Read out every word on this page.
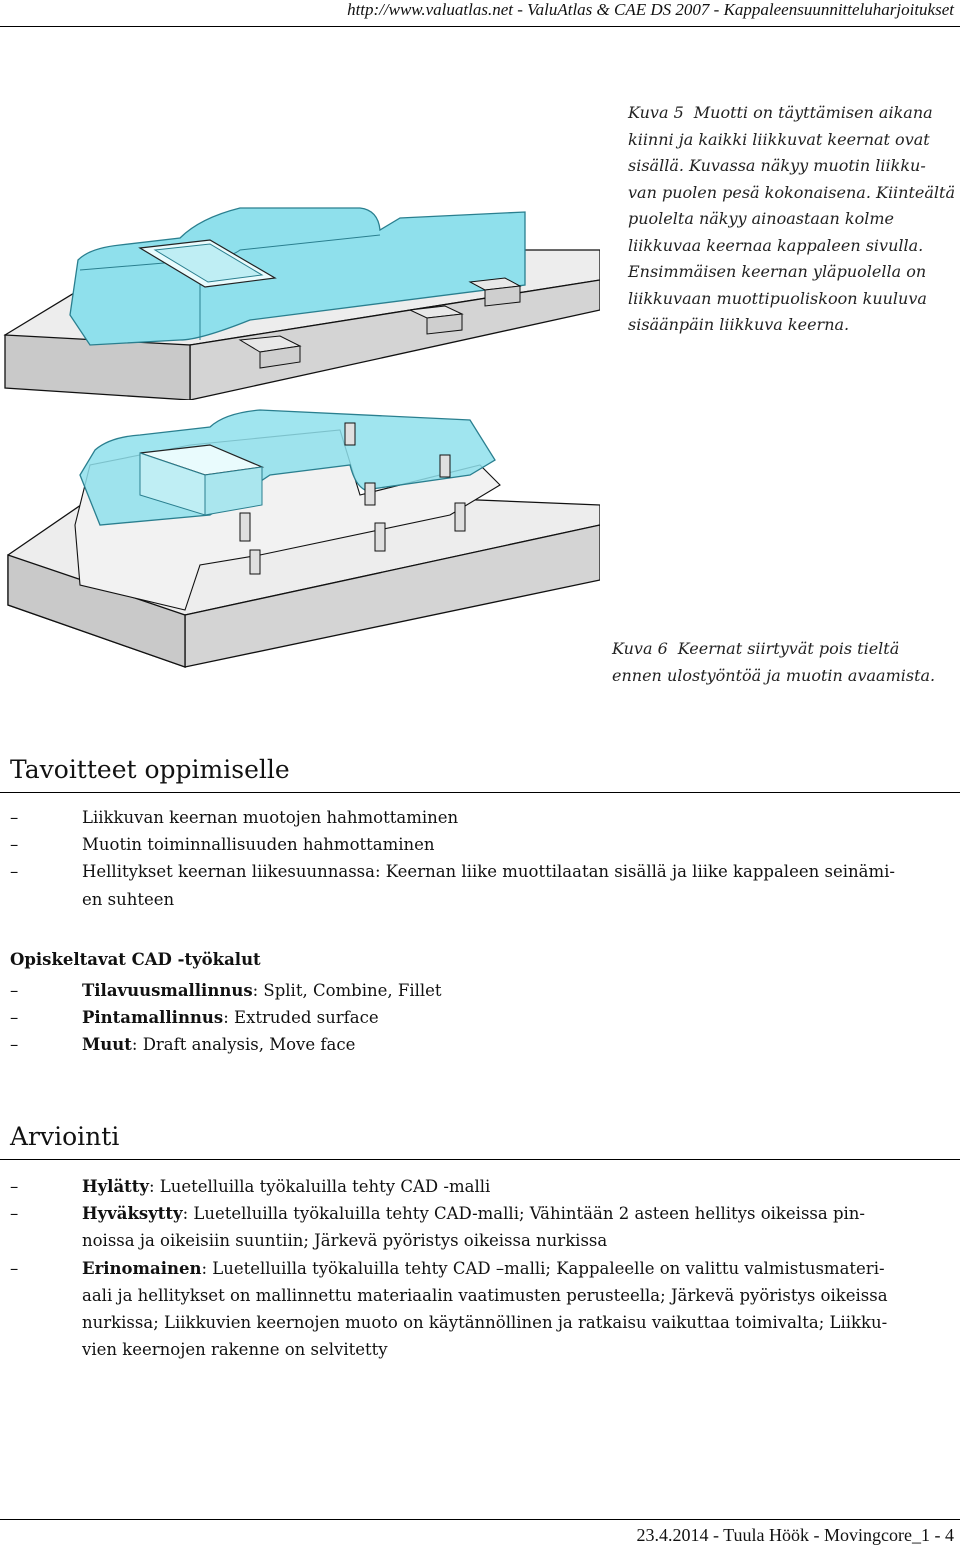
http://www.valuatlas.net - ValuAtlas & CAE DS 2007 - Kappaleensuunnitteluharjoitukset
Kuva 5 Muotti on täyttämisen aikana
kiinni ja kaikki liikkuvat keernat ovat
sisällä. Kuvassa näkyy muotin liikku-
van puolen pesä kokonaisena. Kiinteältä
puolelta näkyy ainoastaan kolme
liikkuvaa keernaa kappaleen sivulla.
Ensimmäisen keernan yläpuolella on
liikkuvaan muottipuoliskoon kuuluva
sisäänpäin liikkuva keerna.
Kuva 6 Keernat siirtyvät pois tieltä
ennen ulostyöntöä ja muotin avaamista.
Tavoitteet oppimiselle
–	Liikkuvan keernan muotojen hahmottaminen
–	Muotin toiminnallisuuden hahmottaminen
–	Hellitykset keernan liikesuunnassa: Keernan liike muottilaatan sisällä ja liike kappaleen seinämi-
en suhteen
Opiskeltavat CAD -työkalut
–	Tilavuusmallinnus: Split, Combine, Fillet
–	Pintamallinnus: Extruded surface
–	Muut: Draft analysis, Move face
Arviointi
–	Hylätty: Luetelluilla työkaluilla tehty CAD -malli
–	Hyväksytty: Luetelluilla työkaluilla tehty CAD-malli; Vähintään 2 asteen hellitys oikeissa pin-
noissa ja oikeisiin suuntiin; Järkevä pyöristys oikeissa nurkissa
–	Erinomainen: Luetelluilla työkaluilla tehty CAD –malli; Kappaleelle on valittu valmistusmateri-
aali ja hellitykset on mallinnettu materiaalin vaatimusten perusteella; Järkevä pyöristys oikeissa
nurkissa; Liikkuvien keernojen muoto on käytännöllinen ja ratkaisu vaikuttaa toimivalta; Liikku-
vien keernojen rakenne on selvitetty
23.4.2014 - Tuula Höök - Movingcore_1 - 4
